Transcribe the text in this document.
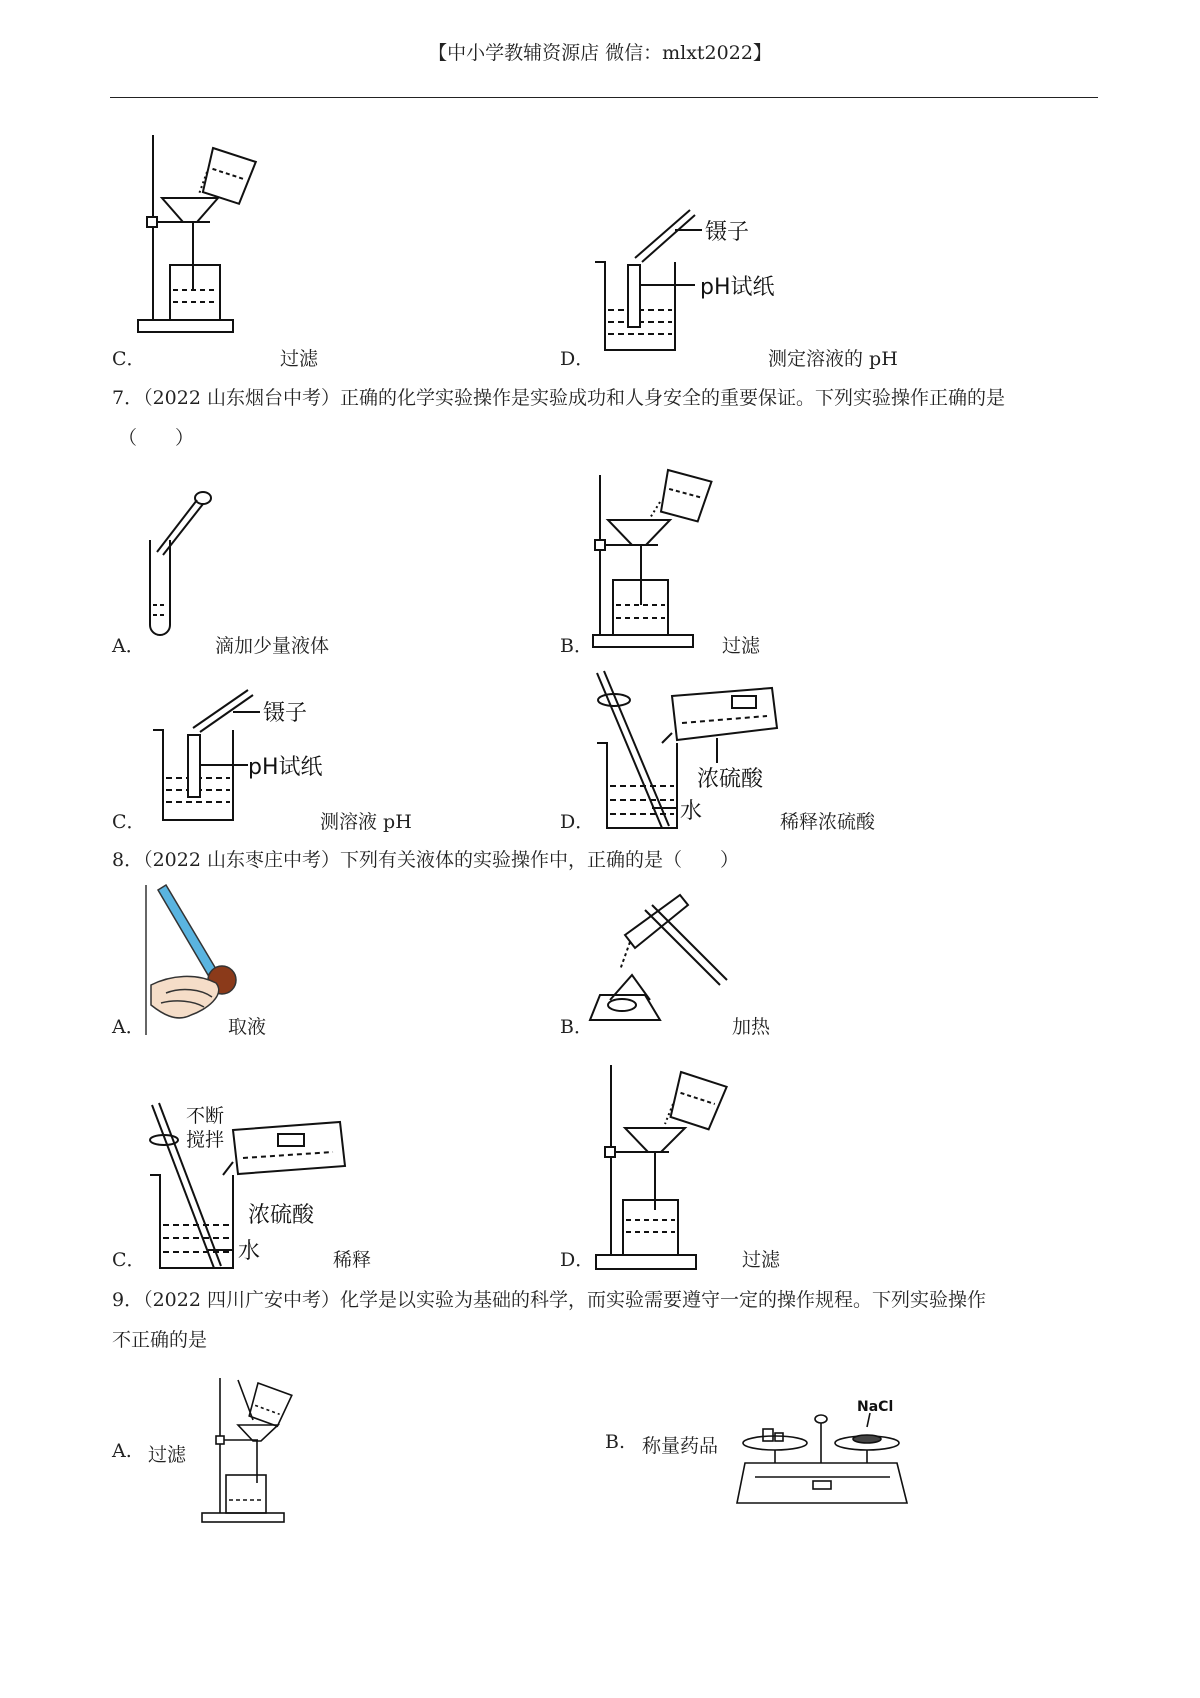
【中小学教辅资源店 微信：mlxt2022】
C．	过滤
镊子
pH试纸
D．	测定溶液的 pH
7．（2022 山东烟台中考）正确的化学实验操作是实验成功和人身安全的重要保证。下列实验操作正确的是
（　　）
A．	滴加少量液体	B．	过滤
镊子
pH试纸
C．	测溶液 pH
浓硫酸
水
D．	稀释浓硫酸
8．（2022 山东枣庄中考）下列有关液体的实验操作中，正确的是（　　）
A．	取液	B．	加热
不断
搅拌
浓硫酸
水
C．	稀释	D．	过滤
9．（2022 四川广安中考）化学是以实验为基础的科学，而实验需要遵守一定的操作规程。下列实验操作
不正确的是
A. 过滤
NaCl
B. 称量药品
